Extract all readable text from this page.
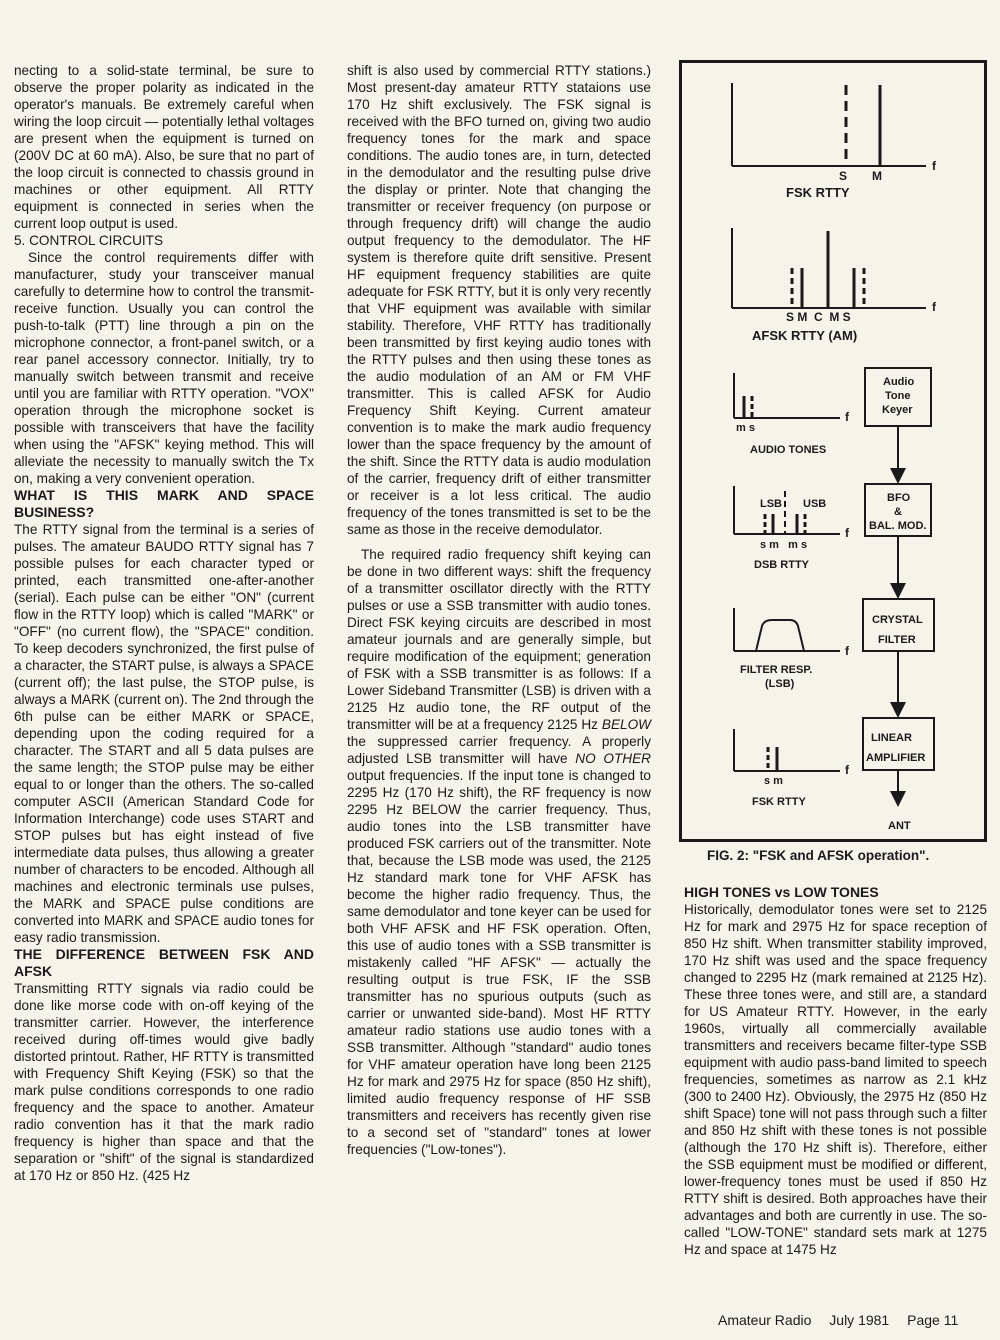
necting to a solid-state terminal, be sure to observe the proper polarity as indicated in the operator's manuals. Be extremely careful when wiring the loop circuit — potentially lethal voltages are present when the equipment is turned on (200V DC at 60 mA). Also, be sure that no part of the loop circuit is connected to chassis ground in machines or other equipment. All RTTY equipment is connected in series when the current loop output is used.

5. CONTROL CIRCUITS

Since the control requirements differ with manufacturer, study your transceiver manual carefully to determine how to control the transmit-receive function. Usually you can control the push-to-talk (PTT) line through a pin on the microphone connector, a front-panel switch, or a rear panel accessory connector. Initially, try to manually switch between transmit and receive until you are familiar with RTTY operation. "VOX" operation through the microphone socket is possible with transceivers that have the facility when using the "AFSK" keying method. This will alleviate the necessity to manually switch the Tx on, making a very convenient operation.

WHAT IS THIS MARK AND SPACE BUSINESS?

The RTTY signal from the terminal is a series of pulses. The amateur BAUDO RTTY signal has 7 possible pulses for each character typed or printed, each transmitted one-after-another (serial). Each pulse can be either "ON" (current flow in the RTTY loop) which is called "MARK" or "OFF" (no current flow), the "SPACE" condition. To keep decoders synchronized, the first pulse of a character, the START pulse, is always a SPACE (current off); the last pulse, the STOP pulse, is always a MARK (current on). The 2nd through the 6th pulse can be either MARK or SPACE, depending upon the coding required for a character. The START and all 5 data pulses are the same length; the STOP pulse may be either equal to or longer than the others. The so-called computer ASCII (American Standard Code for Information Interchange) code uses START and STOP pulses but has eight instead of five intermediate data pulses, thus allowing a greater number of characters to be encoded. Although all machines and electronic terminals use pulses, the MARK and SPACE pulse conditions are converted into MARK and SPACE audio tones for easy radio transmission.

THE DIFFERENCE BETWEEN FSK AND AFSK

Transmitting RTTY signals via radio could be done like morse code with on-off keying of the transmitter carrier. However, the interference received during off-times would give badly distorted printout. Rather, HF RTTY is transmitted with Frequency Shift Keying (FSK) so that the mark pulse conditions corresponds to one radio frequency and the space to another. Amateur radio convention has it that the mark radio frequency is higher than space and that the separation or "shift" of the signal is standardized at 170 Hz or 850 Hz. (425 Hz

shift is also used by commercial RTTY stations.) Most present-day amateur RTTY stataions use 170 Hz shift exclusively. The FSK signal is received with the BFO turned on, giving two audio frequency tones for the mark and space conditions. The audio tones are, in turn, detected in the demodulator and the resulting pulse drive the display or printer. Note that changing the transmitter or receiver frequency (on purpose or through frequency drift) will change the audio output frequency to the demodulator. The HF system is therefore quite drift sensitive. Present HF equipment frequency stabilities are quite adequate for FSK RTTY, but it is only very recently that VHF equipment was available with similar stability. Therefore, VHF RTTY has traditionally been transmitted by first keying audio tones with the RTTY pulses and then using these tones as the audio modulation of an AM or FM VHF transmitter. This is called AFSK for Audio Frequency Shift Keying. Current amateur convention is to make the mark audio frequency lower than the space frequency by the amount of the shift. Since the RTTY data is audio modulation of the carrier, frequency drift of either transmitter or receiver is a lot less critical. The audio frequency of the tones transmitted is set to be the same as those in the receive demodulator.

The required radio frequency shift keying can be done in two different ways: shift the frequency of a transmitter oscillator directly with the RTTY pulses or use a SSB transmitter with audio tones. Direct FSK keying circuits are described in most amateur journals and are generally simple, but require modification of the equipment; generation of FSK with a SSB transmitter is as follows: If a Lower Sideband Transmitter (LSB) is driven with a 2125 Hz audio tone, the RF output of the transmitter will be at a frequency 2125 Hz BELOW the suppressed carrier frequency. A properly adjusted LSB transmitter will have NO OTHER output frequencies. If the input tone is changed to 2295 Hz (170 Hz shift), the RF frequency is now 2295 Hz BELOW the carrier frequency. Thus, audio tones into the LSB transmitter have produced FSK carriers out of the transmitter. Note that, because the LSB mode was used, the 2125 Hz standard mark tone for VHF AFSK has become the higher radio frequency. Thus, the same demodulator and tone keyer can be used for both VHF AFSK and HF FSK operation. Often, this use of audio tones with a SSB transmitter is mistakenly called "HF AFSK" — actually the resulting output is true FSK, IF the SSB transmitter has no spurious outputs (such as carrier or unwanted side-band). Most HF RTTY amateur radio stations use audio tones with a SSB transmitter. Although "standard" audio tones for VHF amateur operation have long been 2125 Hz for mark and 2975 Hz for space (850 Hz shift), limited audio frequency response of HF SSB transmitters and receivers has recently given rise to a second set of "standard" tones at lower frequencies ("Low-tones").

f
S M
FSK RTTY
f
S M  C  M S
AFSK RTTY (AM)
f
m s
AUDIO TONES
LSB USB
f
s m   m s
DSB RTTY
f
FILTER RESP.
(LSB)
f
s m
FSK RTTY
Audio
Tone
Keyer
BFO
&
BAL. MOD.
CRYSTAL
FILTER
LINEAR
AMPLIFIER
ANT
FIG. 2: "FSK and AFSK operation".
HIGH TONES vs LOW TONES

Historically, demodulator tones were set to 2125 Hz for mark and 2975 Hz for space reception of 850 Hz shift. When transmitter stability improved, 170 Hz shift was used and the space frequency changed to 2295 Hz (mark remained at 2125 Hz). These three tones were, and still are, a standard for US Amateur RTTY. However, in the early 1960s, virtually all commercially available transmitters and receivers became filter-type SSB equipment with audio pass-band limited to speech frequencies, sometimes as narrow as 2.1 kHz (300 to 2400 Hz). Obviously, the 2975 Hz (850 Hz shift Space) tone will not pass through such a filter and 850 Hz shift with these tones is not possible (although the 170 Hz shift is). Therefore, either the SSB equipment must be modified or different, lower-frequency tones must be used if 850 Hz RTTY shift is desired. Both approaches have their advantages and both are currently in use. The so-called "LOW-TONE" standard sets mark at 1275 Hz and space at 1475 Hz

Amateur Radio July 1981 Page 11
